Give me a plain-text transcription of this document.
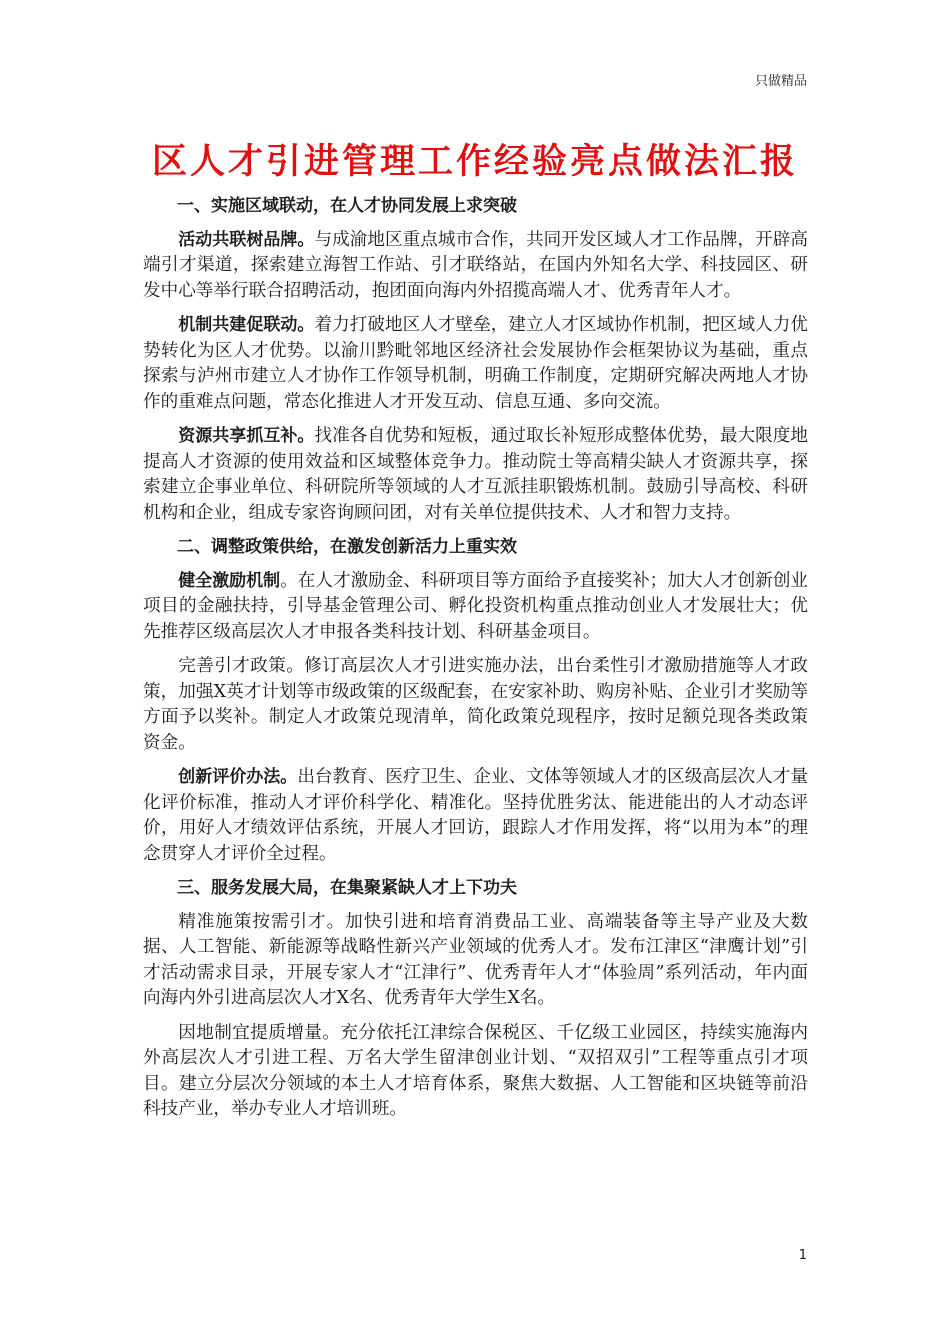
只做精品
区人才引进管理工作经验亮点做法汇报
一、实施区域联动，在人才协同发展上求突破

活动共联树品牌。与成渝地区重点城市合作，共同开发区域人才工作品牌，开辟高端引才渠道，探索建立海智工作站、引才联络站，在国内外知名大学、科技园区、研发中心等举行联合招聘活动，抱团面向海内外招揽高端人才、优秀青年人才。

机制共建促联动。着力打破地区人才壁垒，建立人才区域协作机制，把区域人力优势转化为区人才优势。以渝川黔毗邻地区经济社会发展协作会框架协议为基础，重点探索与泸州市建立人才协作工作领导机制，明确工作制度，定期研究解决两地人才协作的重难点问题，常态化推进人才开发互动、信息互通、多向交流。

资源共享抓互补。找准各自优势和短板，通过取长补短形成整体优势，最大限度地提高人才资源的使用效益和区域整体竞争力。推动院士等高精尖缺人才资源共享，探索建立企事业单位、科研院所等领域的人才互派挂职锻炼机制。鼓励引导高校、科研机构和企业，组成专家咨询顾问团，对有关单位提供技术、人才和智力支持。

二、调整政策供给，在激发创新活力上重实效

健全激励机制。在人才激励金、科研项目等方面给予直接奖补；加大人才创新创业项目的金融扶持，引导基金管理公司、孵化投资机构重点推动创业人才发展壮大；优先推荐区级高层次人才申报各类科技计划、科研基金项目。

完善引才政策。修订高层次人才引进实施办法，出台柔性引才激励措施等人才政策，加强X英才计划等市级政策的区级配套，在安家补助、购房补贴、企业引才奖励等方面予以奖补。制定人才政策兑现清单，简化政策兑现程序，按时足额兑现各类政策资金。

创新评价办法。出台教育、医疗卫生、企业、文体等领域人才的区级高层次人才量化评价标准，推动人才评价科学化、精准化。坚持优胜劣汰、能进能出的人才动态评价，用好人才绩效评估系统，开展人才回访，跟踪人才作用发挥，将“以用为本”的理念贯穿人才评价全过程。

三、服务发展大局，在集聚紧缺人才上下功夫

精准施策按需引才。加快引进和培育消费品工业、高端装备等主导产业及大数据、人工智能、新能源等战略性新兴产业领域的优秀人才。发布江津区“津鹰计划”引才活动需求目录，开展专家人才“江津行”、优秀青年人才“体验周”系列活动，年内面向海内外引进高层次人才X名、优秀青年大学生X名。

因地制宜提质增量。充分依托江津综合保税区、千亿级工业园区，持续实施海内外高层次人才引进工程、万名大学生留津创业计划、“双招双引”工程等重点引才项目。建立分层次分领域的本土人才培育体系，聚焦大数据、人工智能和区块链等前沿科技产业，举办专业人才培训班。

1
